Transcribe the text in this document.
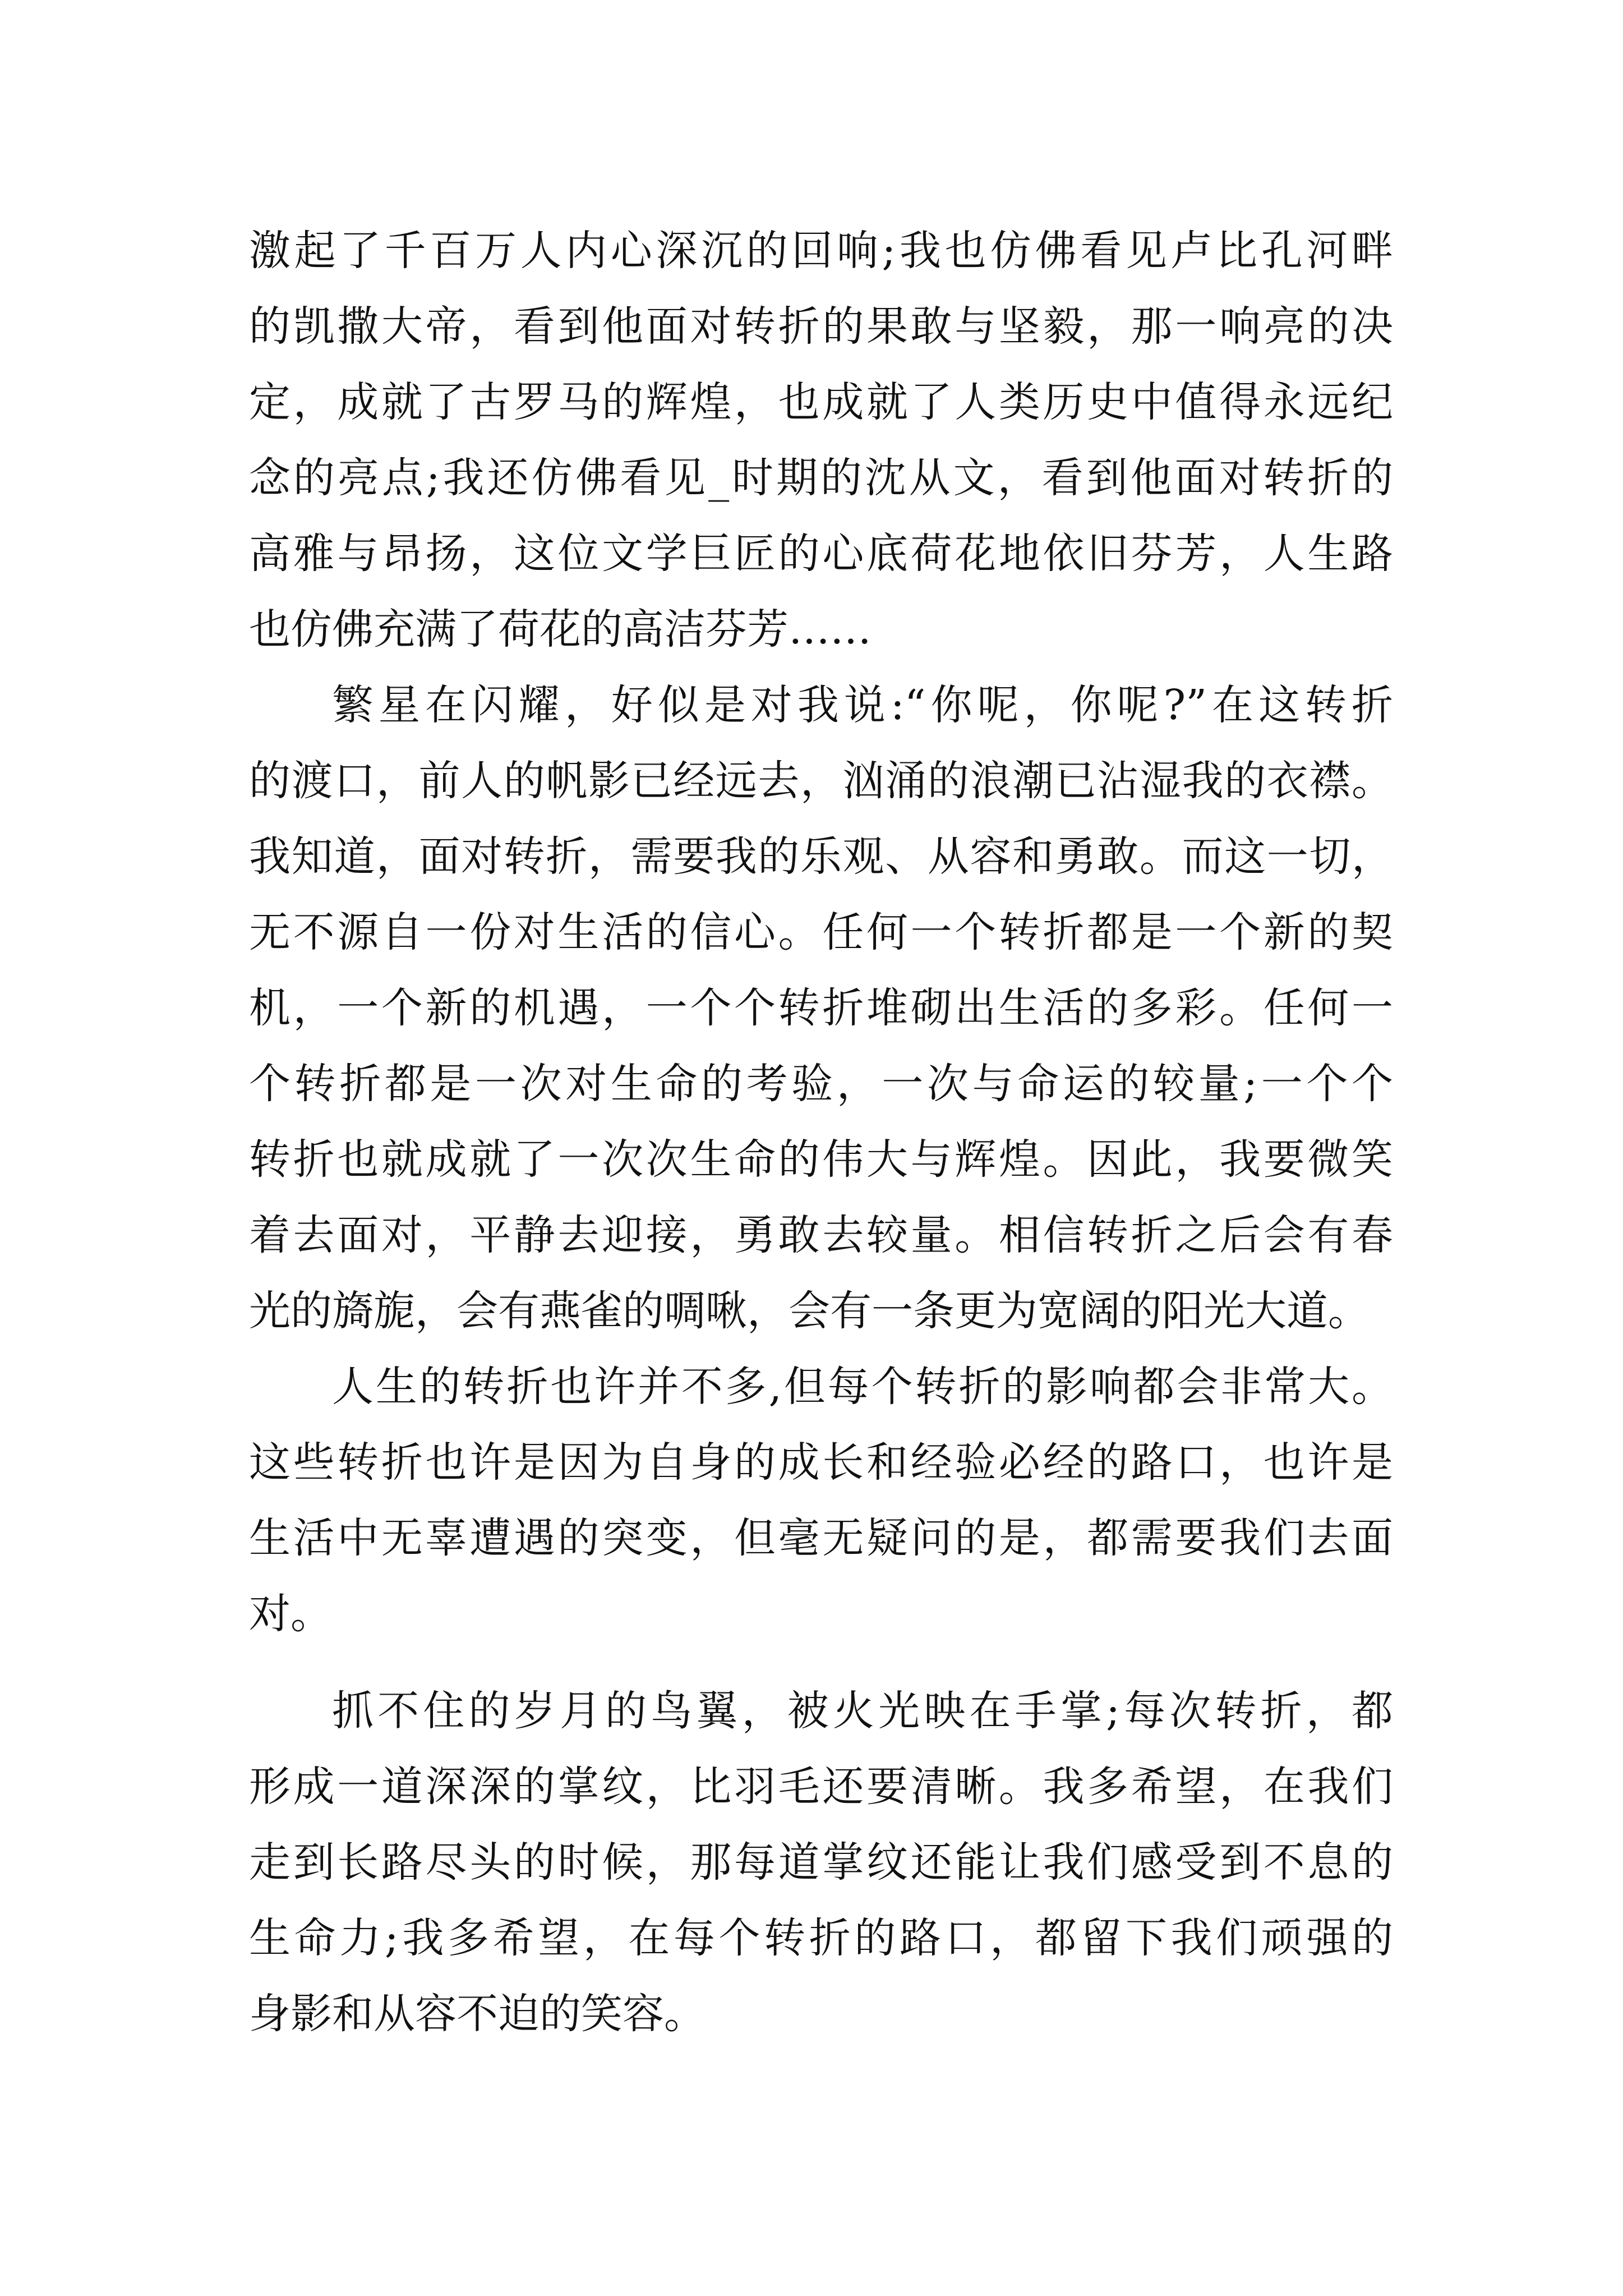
激起了千百万人内心深沉的回响;我也仿佛看见卢比孔河畔
的凯撒大帝，看到他面对转折的果敢与坚毅，那一响亮的决
定，成就了古罗马的辉煌，也成就了人类历史中值得永远纪
念的亮点;我还仿佛看见_时期的沈从文，看到他面对转折的
高雅与昂扬，这位文学巨匠的心底荷花地依旧芬芳，人生路
也仿佛充满了荷花的高洁芬芳……
繁星在闪耀，好似是对我说:“你呢，你呢?”在这转折
的渡口，前人的帆影已经远去，汹涌的浪潮已沾湿我的衣襟。
我知道，面对转折，需要我的乐观、从容和勇敢。而这一切，
无不源自一份对生活的信心。任何一个转折都是一个新的契
机，一个新的机遇，一个个转折堆砌出生活的多彩。任何一
个转折都是一次对生命的考验，一次与命运的较量;一个个
转折也就成就了一次次生命的伟大与辉煌。因此，我要微笑
着去面对，平静去迎接，勇敢去较量。相信转折之后会有春
光的旖旎，会有燕雀的啁啾，会有一条更为宽阔的阳光大道。
人生的转折也许并不多,但每个转折的影响都会非常大。
这些转折也许是因为自身的成长和经验必经的路口，也许是
生活中无辜遭遇的突变，但毫无疑问的是，都需要我们去面
对。
抓不住的岁月的鸟翼，被火光映在手掌;每次转折，都
形成一道深深的掌纹，比羽毛还要清晰。我多希望，在我们
走到长路尽头的时候，那每道掌纹还能让我们感受到不息的
生命力;我多希望，在每个转折的路口，都留下我们顽强的
身影和从容不迫的笑容。
